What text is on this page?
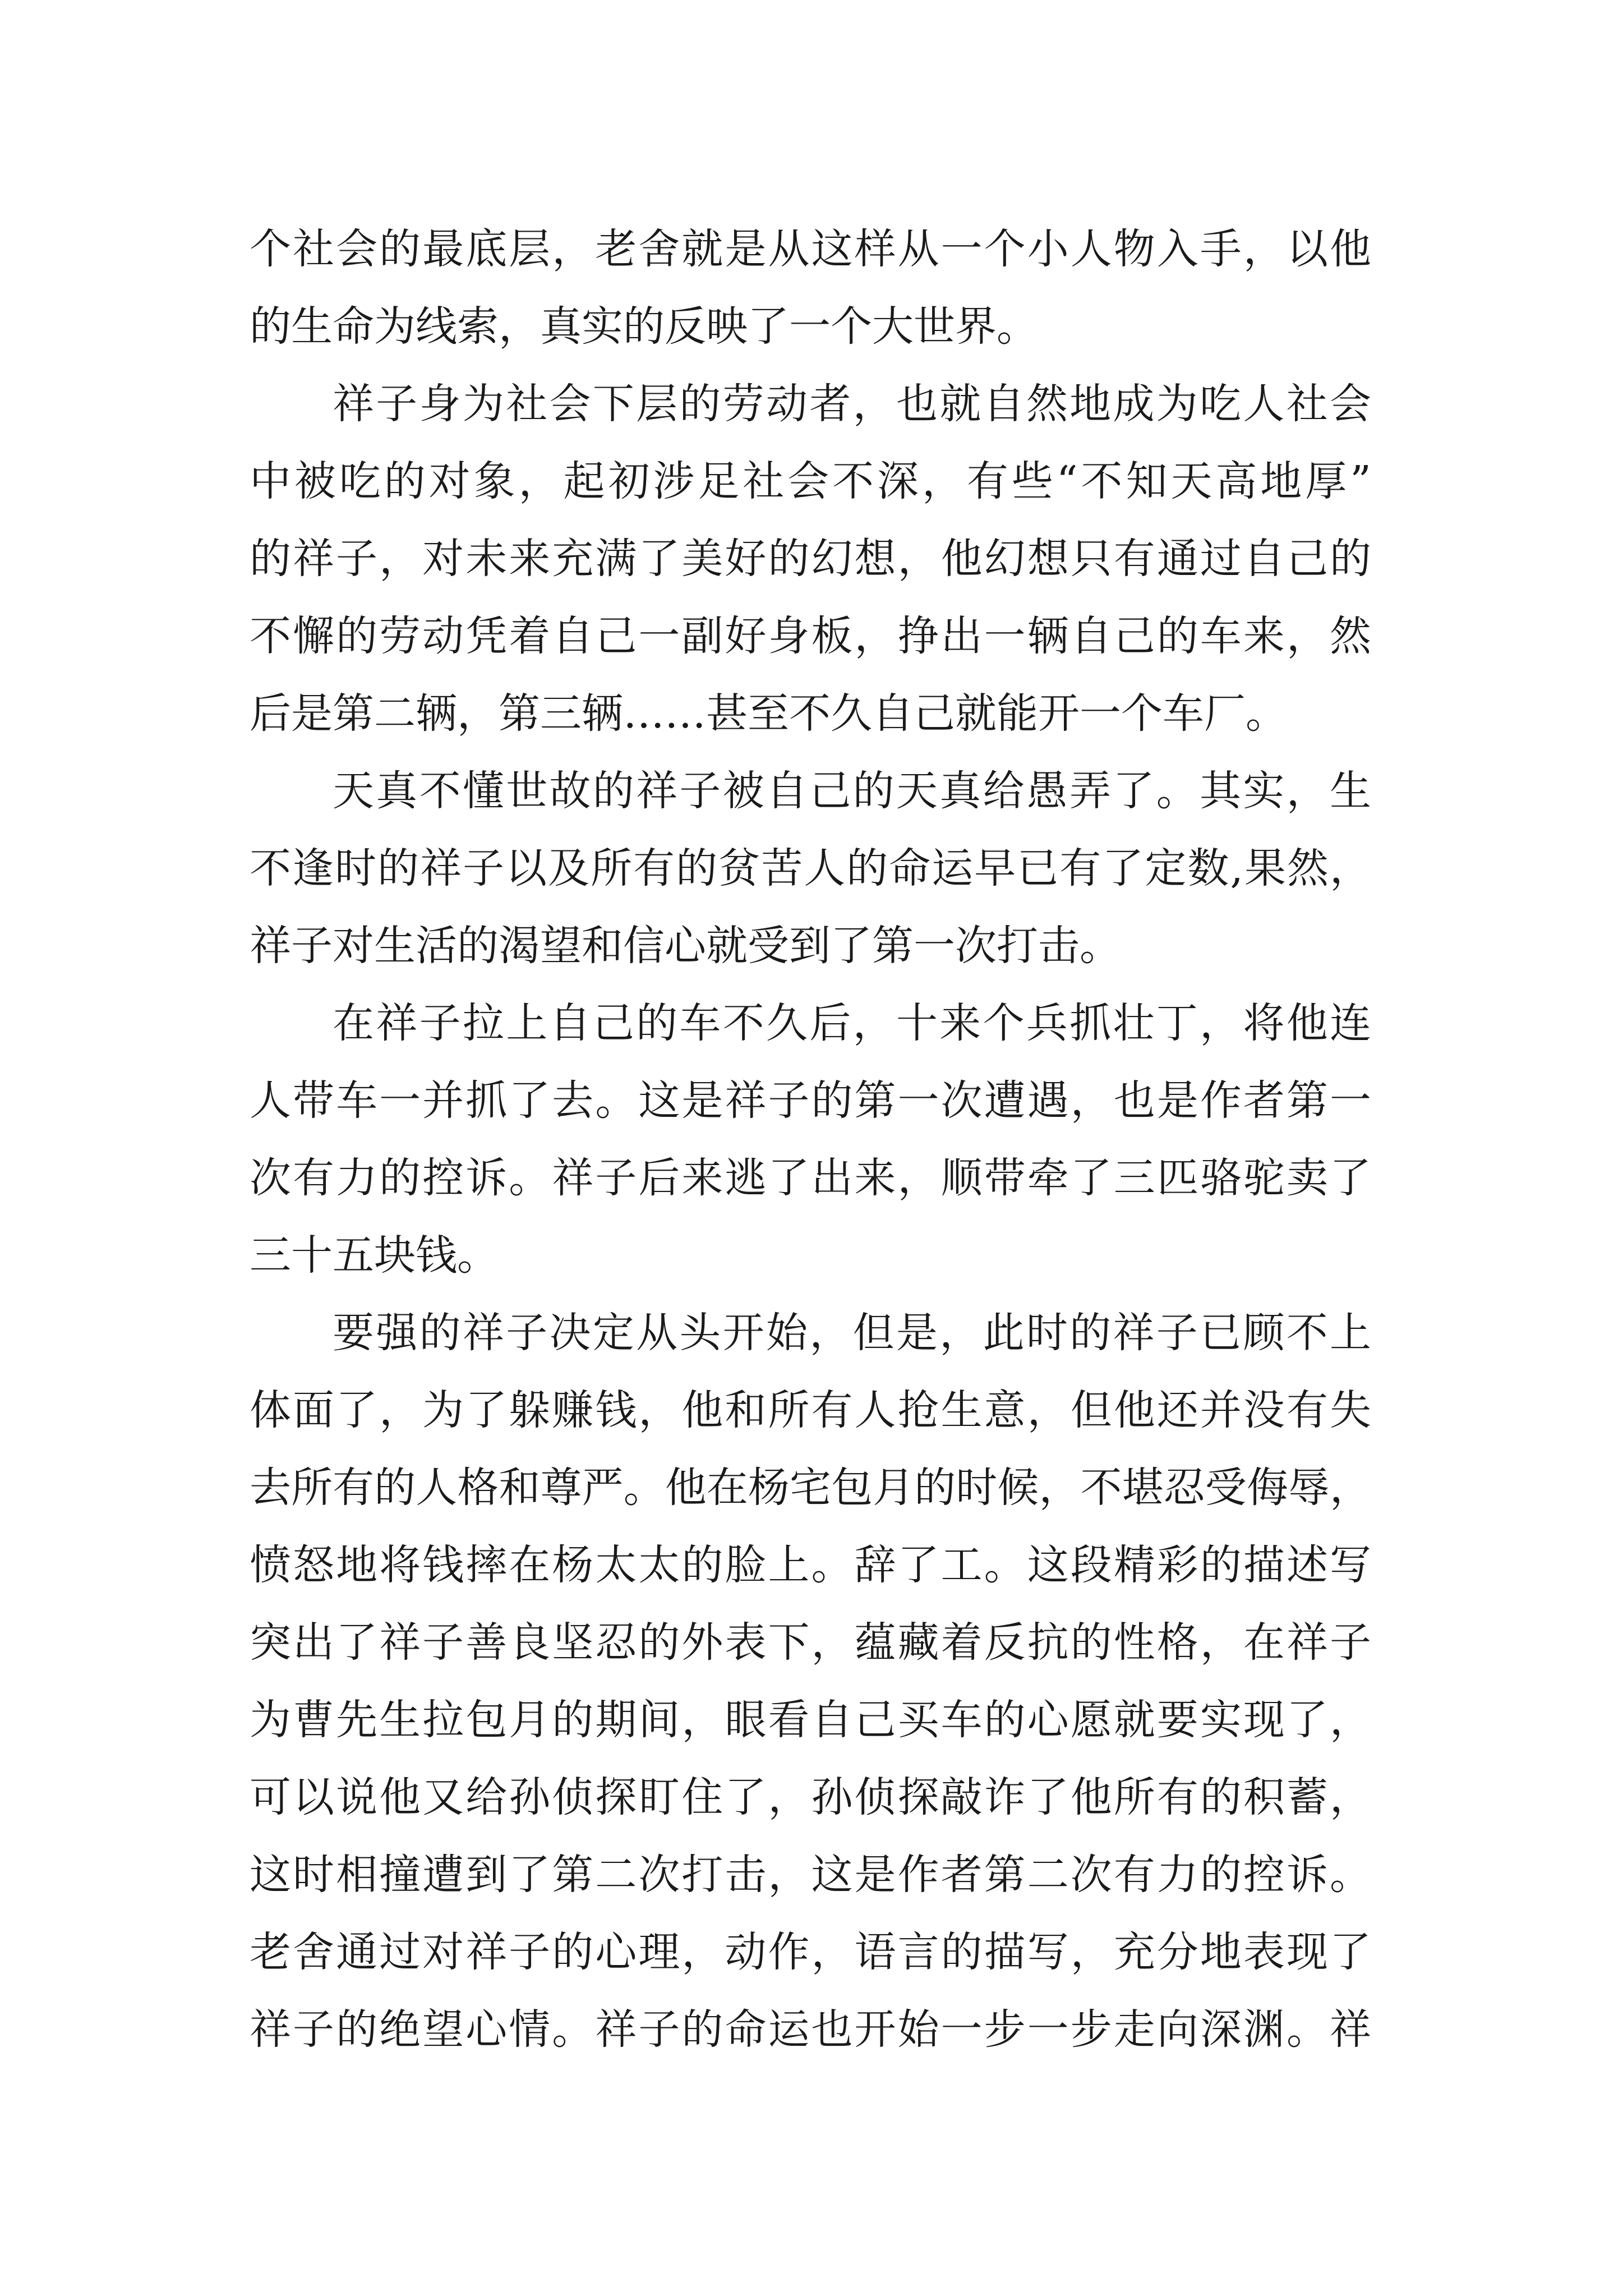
个社会的最底层，老舍就是从这样从一个小人物入手，以他
的生命为线索，真实的反映了一个大世界。
祥子身为社会下层的劳动者，也就自然地成为吃人社会
中被吃的对象，起初涉足社会不深，有些“不知天高地厚”
的祥子，对未来充满了美好的幻想，他幻想只有通过自己的
不懈的劳动凭着自己一副好身板，挣出一辆自己的车来，然
后是第二辆，第三辆……甚至不久自己就能开一个车厂。
天真不懂世故的祥子被自己的天真给愚弄了。其实，生
不逢时的祥子以及所有的贫苦人的命运早已有了定数,果然，
祥子对生活的渴望和信心就受到了第一次打击。
在祥子拉上自己的车不久后，十来个兵抓壮丁，将他连
人带车一并抓了去。这是祥子的第一次遭遇，也是作者第一
次有力的控诉。祥子后来逃了出来，顺带牵了三匹骆驼卖了
三十五块钱。
要强的祥子决定从头开始，但是，此时的祥子已顾不上
体面了，为了躲赚钱，他和所有人抢生意，但他还并没有失
去所有的人格和尊严。他在杨宅包月的时候，不堪忍受侮辱，
愤怒地将钱摔在杨太太的脸上。辞了工。这段精彩的描述写
突出了祥子善良坚忍的外表下，蕴藏着反抗的性格，在祥子
为曹先生拉包月的期间，眼看自己买车的心愿就要实现了，
可以说他又给孙侦探盯住了，孙侦探敲诈了他所有的积蓄，
这时相撞遭到了第二次打击，这是作者第二次有力的控诉。
老舍通过对祥子的心理，动作，语言的描写，充分地表现了
祥子的绝望心情。祥子的命运也开始一步一步走向深渊。祥
